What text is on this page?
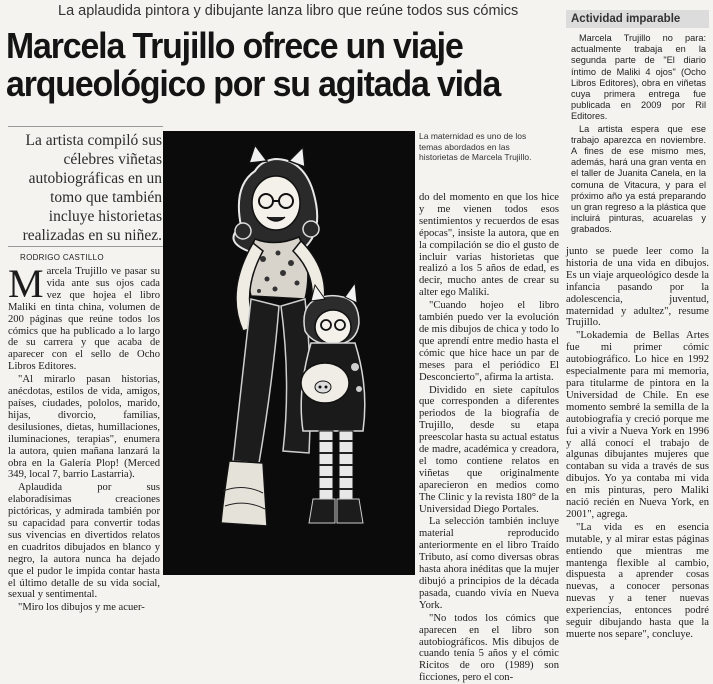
La aplaudida pintora y dibujante lanza libro que reúne todos sus cómics
Marcela Trujillo ofrece un viaje
arqueológico por su agitada vida
La artista compiló sus célebres viñetas autobiográficas en un tomo que también incluye historietas realizadas en su niñez.
RODRIGO CASTILLO

Marcela Trujillo ve pasar su vida ante sus ojos cada vez que hojea el libro Maliki en tinta china, volumen de 200 páginas que reúne todos los cómics que ha publicado a lo largo de su carrera y que acaba de aparecer con el sello de Ocho Libros Editores.

"Al mirarlo pasan historias, anécdotas, estilos de vida, amigos, países, ciudades, pololos, marido, hijas, divorcio, familias, desilusiones, dietas, humillaciones, iluminaciones, terapias", enumera la autora, quien mañana lanzará la obra en la Galería Plop! (Merced 349, local 7, barrio Lastarria).

Aplaudida por sus elaboradísimas creaciones pictóricas, y admirada también por su capacidad para convertir todas sus vivencias en divertidos relatos en cuadritos dibujados en blanco y negro, la autora nunca ha dejado que el pudor le impida contar hasta el último detalle de su vida social, sexual y sentimental.

"Miro los dibujos y me acuer-

La maternidad es uno de los temas abordados en las historietas de Marcela Trujillo.

do del momento en que los hice y me vienen todos esos sentimientos y recuerdos de esas épocas", insiste la autora, que en la compilación se dio el gusto de incluir varias historietas que realizó a los 5 años de edad, es decir, mucho antes de crear su alter ego Maliki.

"Cuando hojeo el libro también puedo ver la evolución de mis dibujos de chica y todo lo que aprendí entre medio hasta el cómic que hice hace un par de meses para el periódico El Desconcierto", afirma la artista.

Dividido en siete capítulos que corresponden a diferentes periodos de la biografía de Trujillo, desde su etapa preescolar hasta su actual estatus de madre, académica y creadora, el tomo contiene relatos en viñetas que originalmente aparecieron en medios como The Clinic y la revista 180° de la Universidad Diego Portales.

La selección también incluye material reproducido anteriormente en el libro Traído Tributo, así como diversas obras hasta ahora inéditas que la mujer dibujó a principios de la década pasada, cuando vivía en Nueva York.

"No todos los cómics que aparecen en el libro son autobiográficos. Mis dibujos de cuando tenía 5 años y el cómic Ricitos de oro (1989) son ficciones, pero el con-

Actividad imparable

Marcela Trujillo no para: actualmente trabaja en la segunda parte de "El diario íntimo de Maliki 4 ojos" (Ocho Libros Editores), obra en viñetas cuya primera entrega fue publicada en 2009 por Ril Editores.

La artista espera que ese trabajo aparezca en noviembre. A fines de ese mismo mes, además, hará una gran venta en el taller de Juanita Canela, en la comuna de Vitacura, y para el próximo año ya está preparando un gran regreso a la plástica que incluirá pinturas, acuarelas y grabados.

junto se puede leer como la historia de una vida en dibujos. Es un viaje arqueológico desde la infancia pasando por la adolescencia, juventud, maternidad y adultez", resume Trujillo.

"Lokademia de Bellas Artes fue mi primer cómic autobiográfico. Lo hice en 1992 especialmente para mi memoria, para titularme de pintora en la Universidad de Chile. En ese momento sembré la semilla de la autobiografía y creció porque me fui a vivir a Nueva York en 1996 y allá conocí el trabajo de algunas dibujantes mujeres que contaban su vida a través de sus dibujos. Yo ya contaba mi vida en mis pinturas, pero Maliki nació recién en Nueva York, en 2001", agrega.

"La vida es en esencia mutable, y al mirar estas páginas entiendo que mientras me mantenga flexible al cambio, dispuesta a aprender cosas nuevas, a conocer personas nuevas y a tener nuevas experiencias, entonces podré seguir dibujando hasta que la muerte nos separe", concluye.
